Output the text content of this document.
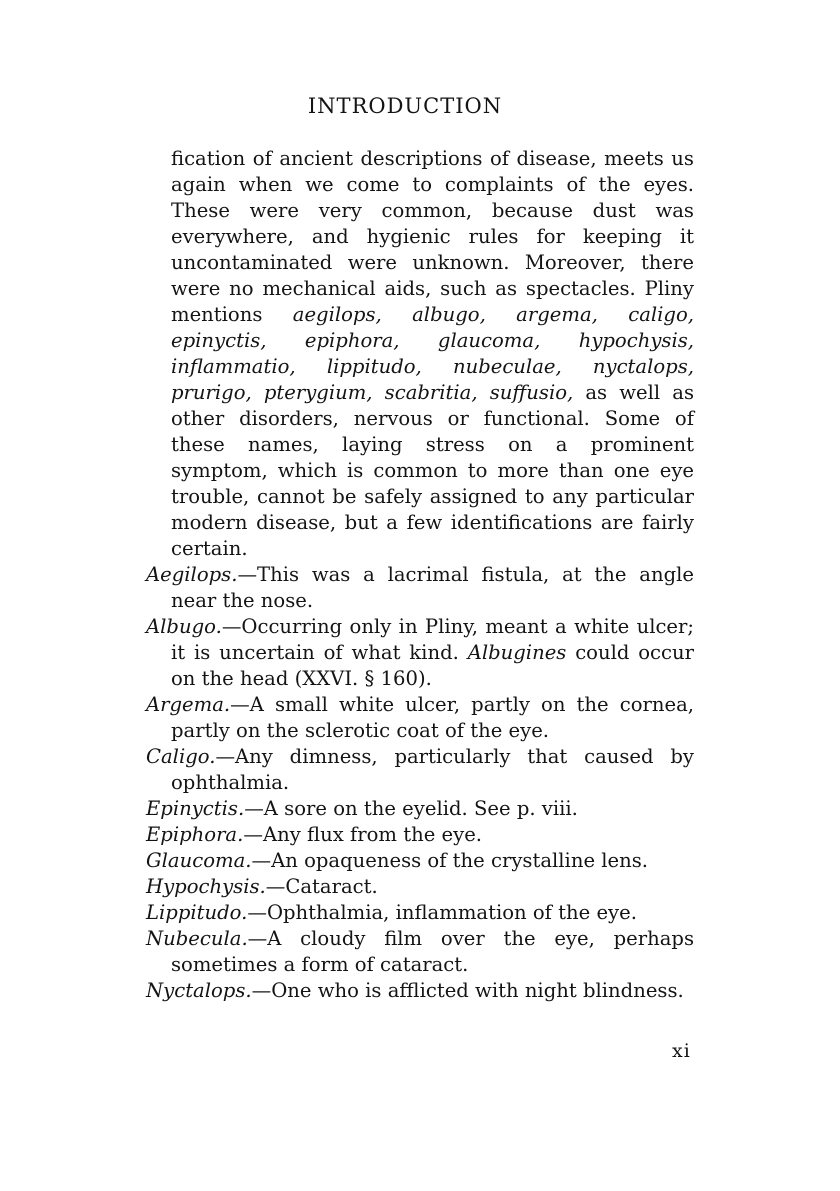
INTRODUCTION

fication of ancient descriptions of disease, meets us again when we come to complaints of the eyes. These were very common, because dust was everywhere, and hygienic rules for keeping it uncontaminated were unknown. Moreover, there were no mechanical aids, such as spectacles. Pliny mentions aegilops, albugo, argema, caligo, epinyctis, epiphora, glaucoma, hypochysis, inflammatio, lippitudo, nubeculae, nyctalops, prurigo, pterygium, scabritia, suffusio, as well as other disorders, nervous or functional. Some of these names, laying stress on a prominent symptom, which is common to more than one eye trouble, cannot be safely assigned to any particular modern disease, but a few identifications are fairly certain.

Aegilops.—This was a lacrimal fistula, at the angle near the nose.

Albugo.—Occurring only in Pliny, meant a white ulcer; it is uncertain of what kind. Albugines could occur on the head (XXVI. § 160).

Argema.—A small white ulcer, partly on the cornea, partly on the sclerotic coat of the eye.

Caligo.—Any dimness, particularly that caused by ophthalmia.

Epinyctis.—A sore on the eyelid. See p. viii.

Epiphora.—Any flux from the eye.

Glaucoma.—An opaqueness of the crystalline lens.

Hypochysis.—Cataract.

Lippitudo.—Ophthalmia, inflammation of the eye.

Nubecula.—A cloudy film over the eye, perhaps sometimes a form of cataract.

Nyctalops.—One who is afflicted with night blindness.

xi
